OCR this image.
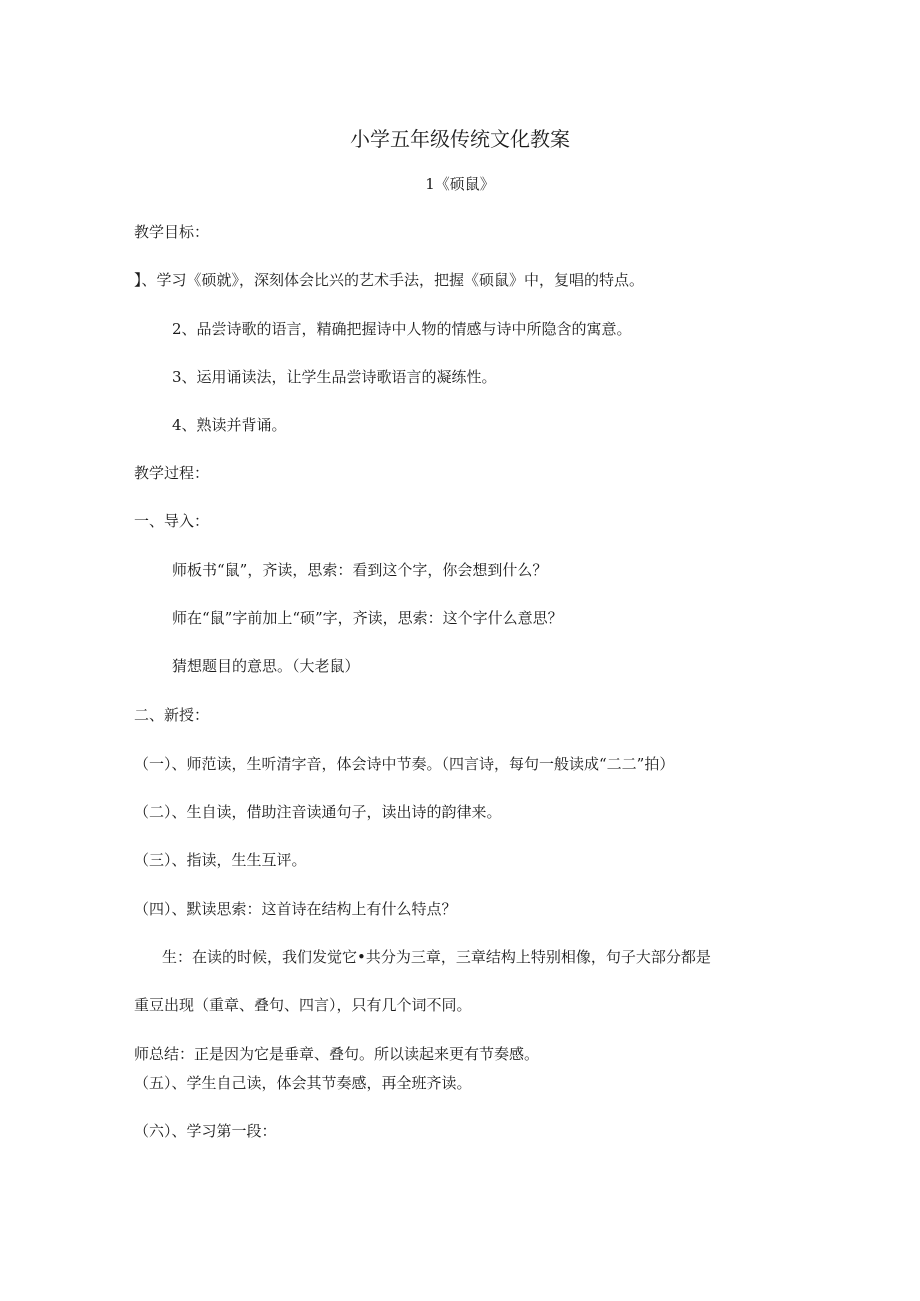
小学五年级传统文化教案
1《硕鼠》
教学目标：
】、学习《硕就》，深刻体会比兴的艺术手法，把握《硕鼠》中，复唱的特点。
2、品尝诗歌的语言，精确把握诗中人物的情感与诗中所隐含的寓意。
3、运用诵读法，让学生品尝诗歌语言的凝练性。
4、熟读并背诵。
教学过程：
一、导入：
师板书“鼠”，齐读，思索：看到这个字，你会想到什么？
师在“鼠”字前加上“硕”字，齐读，思索：这个字什么意思？
猜想题目的意思。（大老鼠）
二、新授：
（一）、师范读，生听清字音，体会诗中节奏。（四言诗，每句一般读成“二二”拍）
（二）、生自读，借助注音读通句子，读出诗的韵律来。
（三）、指读，生生互评。
（四）、默读思索：这首诗在结构上有什么特点？
生：在读的时候，我们发觉它•共分为三章，三章结构上特别相像，句子大部分都是
重豆出现（重章、叠句、四言），只有几个词不同。
师总结：正是因为它是垂章、叠句。所以读起来更有节奏感。
（五）、学生自己读，体会其节奏感，再全班齐读。
（六）、学习第一段：
